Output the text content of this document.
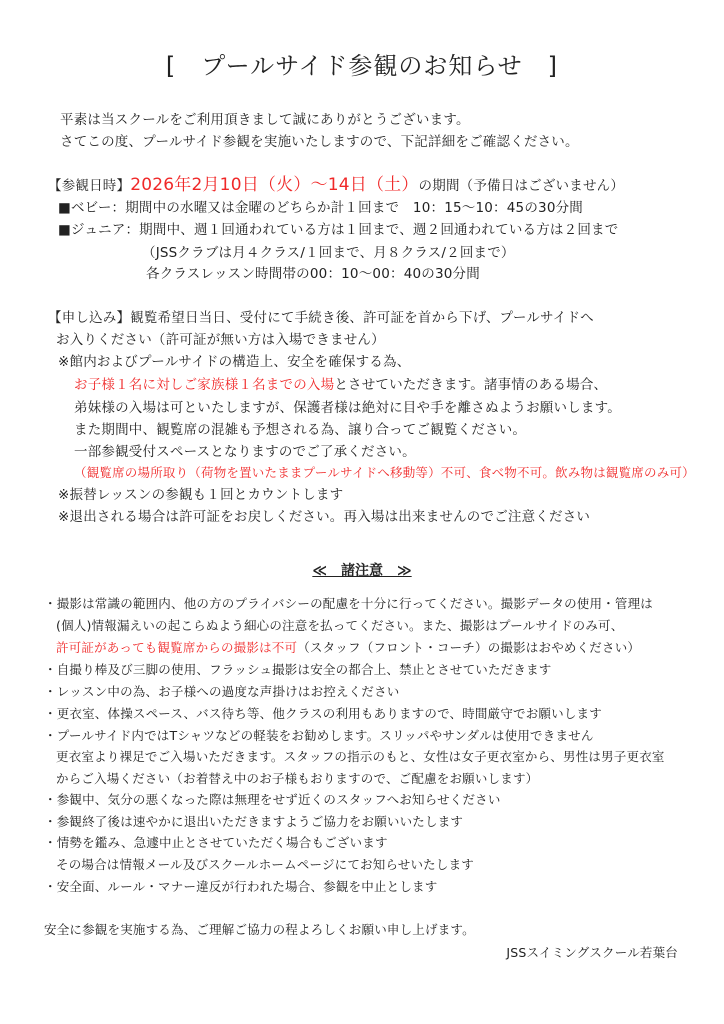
[　プールサイド参観のお知らせ　]
平素は当スクールをご利用頂きまして誠にありがとうございます。
さてこの度、プールサイド参観を実施いたしますので、下記詳細をご確認ください。
【参観日時】2026年2月10日（火）～14日（土）の期間（予備日はございません）
■ベビー：期間中の水曜又は金曜のどちらか計１回まで　10：15～10：45の30分間
■ジュニア：期間中、週１回通われている方は１回まで、週２回通われている方は２回まで
（JSSクラブは月４クラス/１回まで、月８クラス/２回まで）
各クラスレッスン時間帯の00：10～00：40の30分間
【申し込み】観覧希望日当日、受付にて手続き後、許可証を首から下げ、プールサイドへ
お入りください（許可証が無い方は入場できません）
※館内およびプールサイドの構造上、安全を確保する為、
お子様１名に対しご家族様１名までの入場とさせていただきます。諸事情のある場合、
弟妹様の入場は可といたしますが、保護者様は絶対に目や手を離さぬようお願いします。
また期間中、観覧席の混雑も予想される為、譲り合ってご観覧ください。
一部参観受付スペースとなりますのでご了承ください。
（観覧席の場所取り（荷物を置いたままプールサイドへ移動等）不可、食べ物不可。飲み物は観覧席のみ可）
※振替レッスンの参観も１回とカウントします
※退出される場合は許可証をお戻しください。再入場は出来ませんのでご注意ください
≪　諸注意　≫
・撮影は常識の範囲内、他の方のプライバシーの配慮を十分に行ってください。撮影データの使用・管理は
(個人)情報漏えいの起こらぬよう細心の注意を払ってください。また、撮影はプールサイドのみ可、
許可証があっても観覧席からの撮影は不可（スタッフ（フロント・コーチ）の撮影はおやめください）
・自撮り棒及び三脚の使用、フラッシュ撮影は安全の都合上、禁止とさせていただきます
・レッスン中の為、お子様への過度な声掛けはお控えください
・更衣室、体操スペース、バス待ち等、他クラスの利用もありますので、時間厳守でお願いします
・プールサイド内ではTシャツなどの軽装をお勧めします。スリッパやサンダルは使用できません
更衣室より裸足でご入場いただきます。スタッフの指示のもと、女性は女子更衣室から、男性は男子更衣室
からご入場ください（お着替え中のお子様もおりますので、ご配慮をお願いします）
・参観中、気分の悪くなった際は無理をせず近くのスタッフへお知らせください
・参観終了後は速やかに退出いただきますようご協力をお願いいたします
・情勢を鑑み、急遽中止とさせていただく場合もございます
その場合は情報メール及びスクールホームページにてお知らせいたします
・安全面、ルール・マナー違反が行われた場合、参観を中止とします
安全に参観を実施する為、ご理解ご協力の程よろしくお願い申し上げます。
JSSスイミングスクール若葉台
